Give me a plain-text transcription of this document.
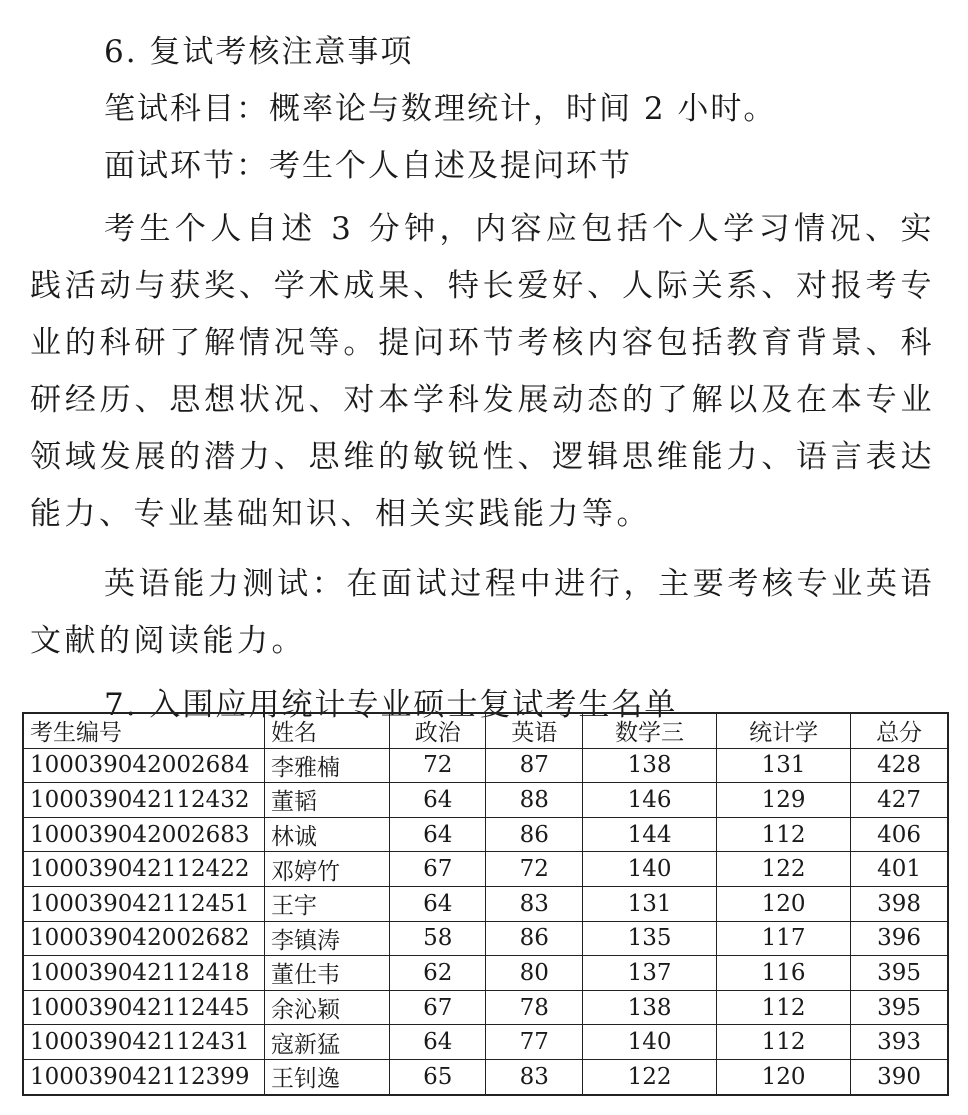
6. 复试考核注意事项

笔试科目：概率论与数理统计，时间 2 小时。

面试环节：考生个人自述及提问环节

考生个人自述 3 分钟，内容应包括个人学习情况、实践活动与获奖、学术成果、特长爱好、人际关系、对报考专业的科研了解情况等。提问环节考核内容包括教育背景、科研经历、思想状况、对本学科发展动态的了解以及在本专业领域发展的潜力、思维的敏锐性、逻辑思维能力、语言表达能力、专业基础知识、相关实践能力等。

英语能力测试：在面试过程中进行，主要考核专业英语文献的阅读能力。

7. 入围应用统计专业硕士复试考生名单

考生编号	姓名	政治	英语	数学三	统计学	总分
100039042002684	李雅楠	72	87	138	131	428
100039042112432	董韬	64	88	146	129	427
100039042002683	林诚	64	86	144	112	406
100039042112422	邓婷竹	67	72	140	122	401
100039042112451	王宇	64	83	131	120	398
100039042002682	李镇涛	58	86	135	117	396
100039042112418	董仕韦	62	80	137	116	395
100039042112445	余沁颖	67	78	138	112	395
100039042112431	寇新猛	64	77	140	112	393
100039042112399	王钊逸	65	83	122	120	390
